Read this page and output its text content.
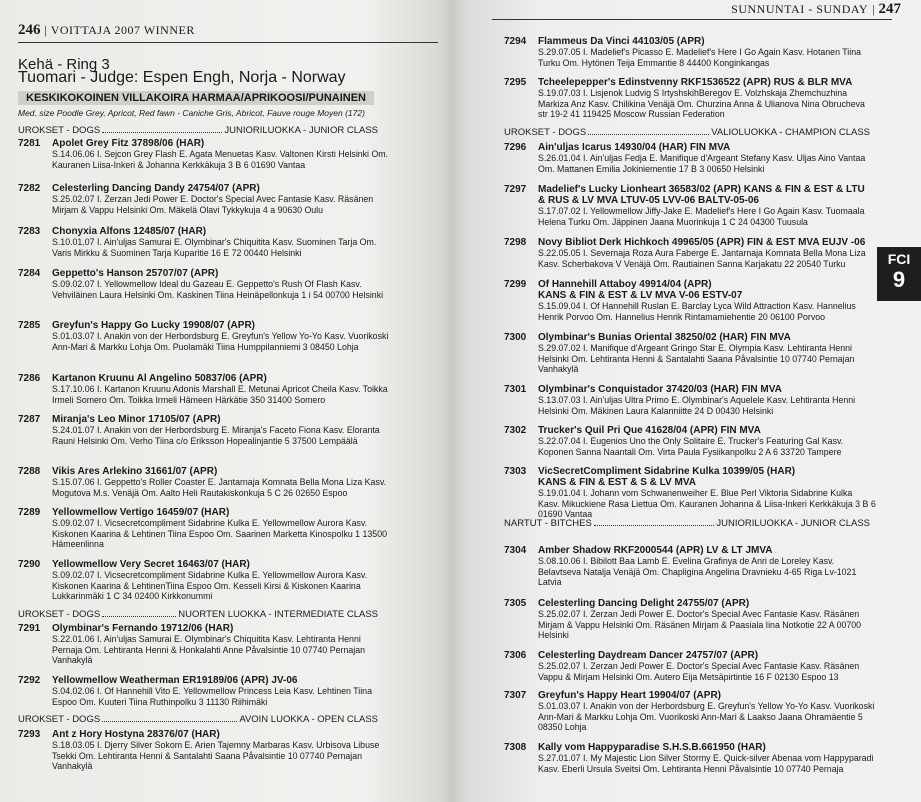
246 | VOITTAJA 2007 WINNER
Kehä - Ring 3
Tuomari - Judge: Espen Engh, Norja - Norway
KESKIKOKOINEN VILLAKOIRA HARMAA/APRIKOOSI/PUNAINEN
Med. size Poodle Grey, Apricot, Red fawn - Caniche Gris, Abricot, Fauve rouge Moyen (172)
UROKSET - DOGS	JUNIORILUOKKA - JUNIOR CLASS
7281 Apolet Grey Fitz 37898/06 (HAR)
S.14.06.06 I. Sejcon Grey Flash E. Agata Menuetas Kasv. Valtonen Kirsti Helsinki Om. Kauranen Liisa-Inkeri & Johanna Kerkkäkuja 3 B 6 01690 Vantaa
7282 Celesterling Dancing Dandy 24754/07 (APR)
S.25.02.07 I. Zerzan Jedi Power E. Doctor's Special Avec Fantasie Kasv. Räsänen Mirjam & Vappu Helsinki Om. Mäkelä Olavi Tykkykuja 4 a 90630 Oulu
7283 Chonyxia Alfons 12485/07 (HAR)
S.10.01.07 I. Ain'uljas Samurai E. Olymbinar's Chiquitita Kasv. Suominen Tarja Om. Varis Mirkku & Suominen Tarja Kuparitie 16 E 72 00440 Helsinki
7284 Geppetto's Hanson 25707/07 (APR)
S.09.02.07 I. Yellowmellow Ideal du Gazeau E. Geppetto's Rush Of Flash Kasv. Vehviläinen Laura Helsinki Om. Kaskinen Tiina Heinäpellonkuja 1 i 54 00700 Helsinki
7285 Greyfun's Happy Go Lucky 19908/07 (APR)
S.01.03.07 I. Anakin von der Herbordsburg E. Greyfun's Yellow Yo-Yo Kasv. Vuorikoski Ann-Mari & Markku Lohja Om. Puolamäki Tiina Humppilanniemi 3 08450 Lohja
7286 Kartanon Kruunu Al Angelino 50837/06 (APR)
S.17.10.06 I. Kartanon Kruunu Adonis Marshall E. Metunai Apricot Cheila Kasv. Toikka Irmeli Somero Om. Toikka Irmeli Hämeen Härkätie 350 31400 Somero
7287 Miranja's Leo Minor 17105/07 (APR)
S.24.01.07 I. Anakin von der Herbordsburg E. Miranja's Faceto Fiona Kasv. Eloranta Rauni Helsinki Om. Verho Tiina c/o Eriksson Hopealinjantie 5 37500 Lempäälä
7288 Vikis Ares Arlekino 31661/07 (APR)
S.15.07.06 I. Geppetto's Roller Coaster E. Jantarnaja Komnata Bella Mona Liza Kasv. Mogutova M.s. Venäjä Om. Aalto Heli Rautakiskonkuja 5 C 26 02650 Espoo
7289 Yellowmellow Vertigo 16459/07 (HAR)
S.09.02.07 I. Vicsecretcompliment Sidabrine Kulka E. Yellowmellow Aurora Kasv. Kiskonen Kaarina & Lehtinen Tiina Espoo Om. Saarinen Marketta Kinospolku 1 13500 Hämeenlinna
7290 Yellowmellow Very Secret 16463/07 (HAR)
S.09.02.07 I. Vicsecretcompliment Sidabrine Kulka E. Yellowmellow Aurora Kasv. Kiskonen Kaarina & LehtinenTiina Espoo Om. Kesseli Kirsi & Kiskonen Kaarina Lukkarinmäki 1 C 34 02400 Kirkkonummi
UROKSET - DOGS	NUORTEN LUOKKA - INTERMEDIATE CLASS
7291 Olymbinar's Fernando 19712/06 (HAR)
S.22.01.06 I. Ain'uljas Samurai E. Olymbinar's Chiquitita Kasv. Lehtiranta Henni Pernaja Om. Lehtiranta Henni & Honkalahti Anne Påvalsintie 10 07740 Pernajan Vanhakylä
7292 Yellowmellow Weatherman ER19189/06 (APR) JV-06
S.04.02.06 I. Of Hannehill Vito E. Yellowmellow Princess Leia Kasv. Lehtinen Tiina Espoo Om. Kuuteri Tiina Ruthinpolku 3 11130 Riihimäki
UROKSET - DOGS	AVOIN LUOKKA - OPEN CLASS
7293 Ant z Hory Hostyna 28376/07 (HAR)
S.18.03.05 I. Djerry Silver Sokom E. Arien Tajemny Marbaras Kasv. Urbisova Libuse Tsekki Om. Lehtiranta Henni & Santalahti Saana Påvalsintie 10 07740 Pernajan Vanhakylä
SUNNUNTAI - SUNDAY | 247
7294 Flammeus Da Vinci 44103/05 (APR)
S.29.07.05 I. Madelief's Picasso E. Madelief's Here I Go Again Kasv. Hotanen Tiina Turku Om. Hytönen Teija Emmantie 8 44400 Konginkangas
7295 Tcheelepepper's Edinstvenny RKF1536522 (APR) RUS & BLR MVA
S.19.07.03 I. Lisjenok Ludvig S IrtyshskihBeregov E. Volzhskaja Zhemchuzhina Markiza Anz Kasv. Chilikina Venäjä Om. Churzina Anna & Ulianova Nina Obrucheva str 19-2 41 119425 Moscow Russian Federation
UROKSET - DOGS	VALIOLUOKKA - CHAMPION CLASS
7296 Ain'uljas Icarus 14930/04 (HAR) FIN MVA
S.26.01.04 I. Ain'uljas Fedja E. Manifique d'Argeant Stefany Kasv. Uljas Aino Vantaa Om. Mattanen Emilia Jokiniementie 17 B 3 00650 Helsinki
7297 Madelief's Lucky Lionheart 36583/02 (APR) KANS & FIN & EST & LTU
& RUS & LV MVA LTUV-05 LVV-06 BALTV-05-06
S.17.07.02 I. Yellowmellow Jiffy-Jake E. Madelief's Here I Go Again Kasv. Tuomaala Helena Turku Om. Jäppinen Jaana Muorinkuja 1 C 24 04300 Tuusula
7298 Novy Bibliot Derk Hichkoch 49965/05 (APR) FIN & EST MVA EUJV -06
S.22.05.05 I. Severnaja Roza Aura Faberge E. Jantarnaja Komnata Bella Mona Liza Kasv. Scherbakova V Venäjä Om. Rautiainen Sanna Karjakatu 22 20540 Turku
7299 Of Hannehill Attaboy 49914/04 (APR)
KANS & FIN & EST & LV MVA V-06 ESTV-07
S.15.09.04 I. Of Hannehill Ruslan E. Barclay Lyca Wild Attraction Kasv. Hannelius Henrik Porvoo Om. Hannelius Henrik Rintamamiehentie 20 06100 Porvoo
7300 Olymbinar's Bunias Oriental 38250/02 (HAR) FIN MVA
S.29.07.02 I. Manifique d'Argeant Gringo Star E. Olympia Kasv. Lehtiranta Henni Helsinki Om. Lehtiranta Henni & Santalahti Saana Påvalsintie 10 07740 Pernajan Vanhakylä
7301 Olymbinar's Conquistador 37420/03 (HAR) FIN MVA
S.13.07.03 I. Ain'uljas Ultra Primo E. Olymbinar's Aquelele Kasv. Lehtiranta Henni Helsinki Om. Mäkinen Laura Kalanniitte 24 D 00430 Helsinki
7302 Trucker's Quil Pri Que 41628/04 (APR) FIN MVA
S.22.07.04 I. Eugenios Uno the Only Solitaire E. Trucker's Featuring Gal Kasv. Koponen Sanna Naantali Om. Virta Paula Fysiikanpolku 2 A 6 33720 Tampere
7303 VicSecretCompliment Sidabrine Kulka 10399/05 (HAR)
KANS & FIN & EST & S & LV MVA
S.19.01.04 I. Johann vom Schwanenweiher E. Blue Perl Viktoria Sidabrine Kulka Kasv. Mikuckiene Rasa Liettua Om. Kauranen Johanna & Liisa-Inkeri Kerkkäkuja 3 B 6 01690 Vantaa
NARTUT - BITCHES	JUNIORILUOKKA - JUNIOR CLASS
7304 Amber Shadow RKF2000544 (APR) LV & LT JMVA
S.08.10.06 I. Bibilott Baa Lamb E. Evelina Grafinya de Anri de Loreley Kasv. Belavtseva Natalja Venäjä Om. Chapligina Angelina Dravnieku 4-65 Riga Lv-1021 Latvia
7305 Celesterling Dancing Delight 24755/07 (APR)
S.25.02.07 I. Zerzan Jedi Power E. Doctor's Special Avec Fantasie Kasv. Räsänen Mirjam & Vappu Helsinki Om. Räsänen Mirjam & Paasiala Iina Notkotie 22 A 00700 Helsinki
7306 Celesterling Daydream Dancer 24757/07 (APR)
S.25.02.07 I. Zerzan Jedi Power E. Doctor's Special Avec Fantasie Kasv. Räsänen Vappu & Mirjam Helsinki Om. Autero Eija Metsäpirtintie 16 F 02130 Espoo 13
7307 Greyfun's Happy Heart 19904/07 (APR)
S.01.03.07 I. Anakin von der Herbordsburg E. Greyfun's Yellow Yo-Yo Kasv. Vuorikoski Ann-Mari & Markku Lohja Om. Vuorikoski Ann-Mari & Laakso Jaana Ohramäentie 5 08350 Lohja
7308 Kally vom Happyparadise S.H.S.B.661950 (HAR)
S.27.01.07 I. My Majestic Lion Silver Stormy E. Quick-silver Abenaa vom Happyparadi Kasv. Eberli Ursula Sveitsi Om. Lehtiranta Henni Påvalsintie 10 07740 Pernaja
FCI
9
